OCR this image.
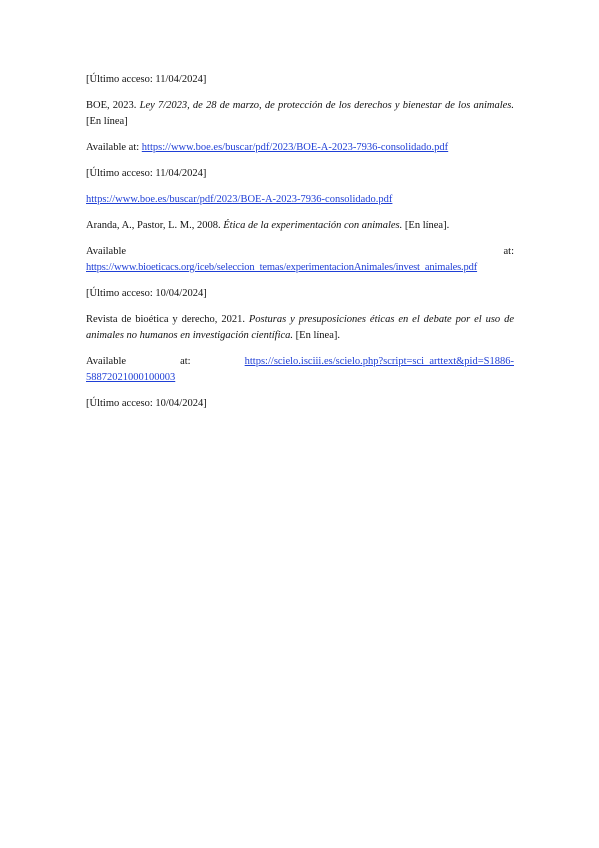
[Último acceso: 11/04/2024]

BOE, 2023. Ley 7/2023, de 28 de marzo, de protección de los derechos y bienestar de los animales. [En línea]

Available at: https://www.boe.es/buscar/pdf/2023/BOE-A-2023-7936-consolidado.pdf

[Último acceso: 11/04/2024]

https://www.boe.es/buscar/pdf/2023/BOE-A-2023-7936-consolidado.pdf

Aranda, A., Pastor, L. M., 2008. Ética de la experimentación con animales. [En línea].

Available	at:
https://www.bioeticacs.org/iceb/seleccion_temas/experimentacionAnimales/invest_animales.pdf

[Último acceso: 10/04/2024]

Revista de bioética y derecho, 2021. Posturas y presuposiciones éticas en el debate por el uso de animales no humanos en investigación científica. [En línea].

Available	at:	https://scielo.isciii.es/scielo.php?script=sci_arttext&pid=S1886-
58872021000100003

[Último acceso: 10/04/2024]
